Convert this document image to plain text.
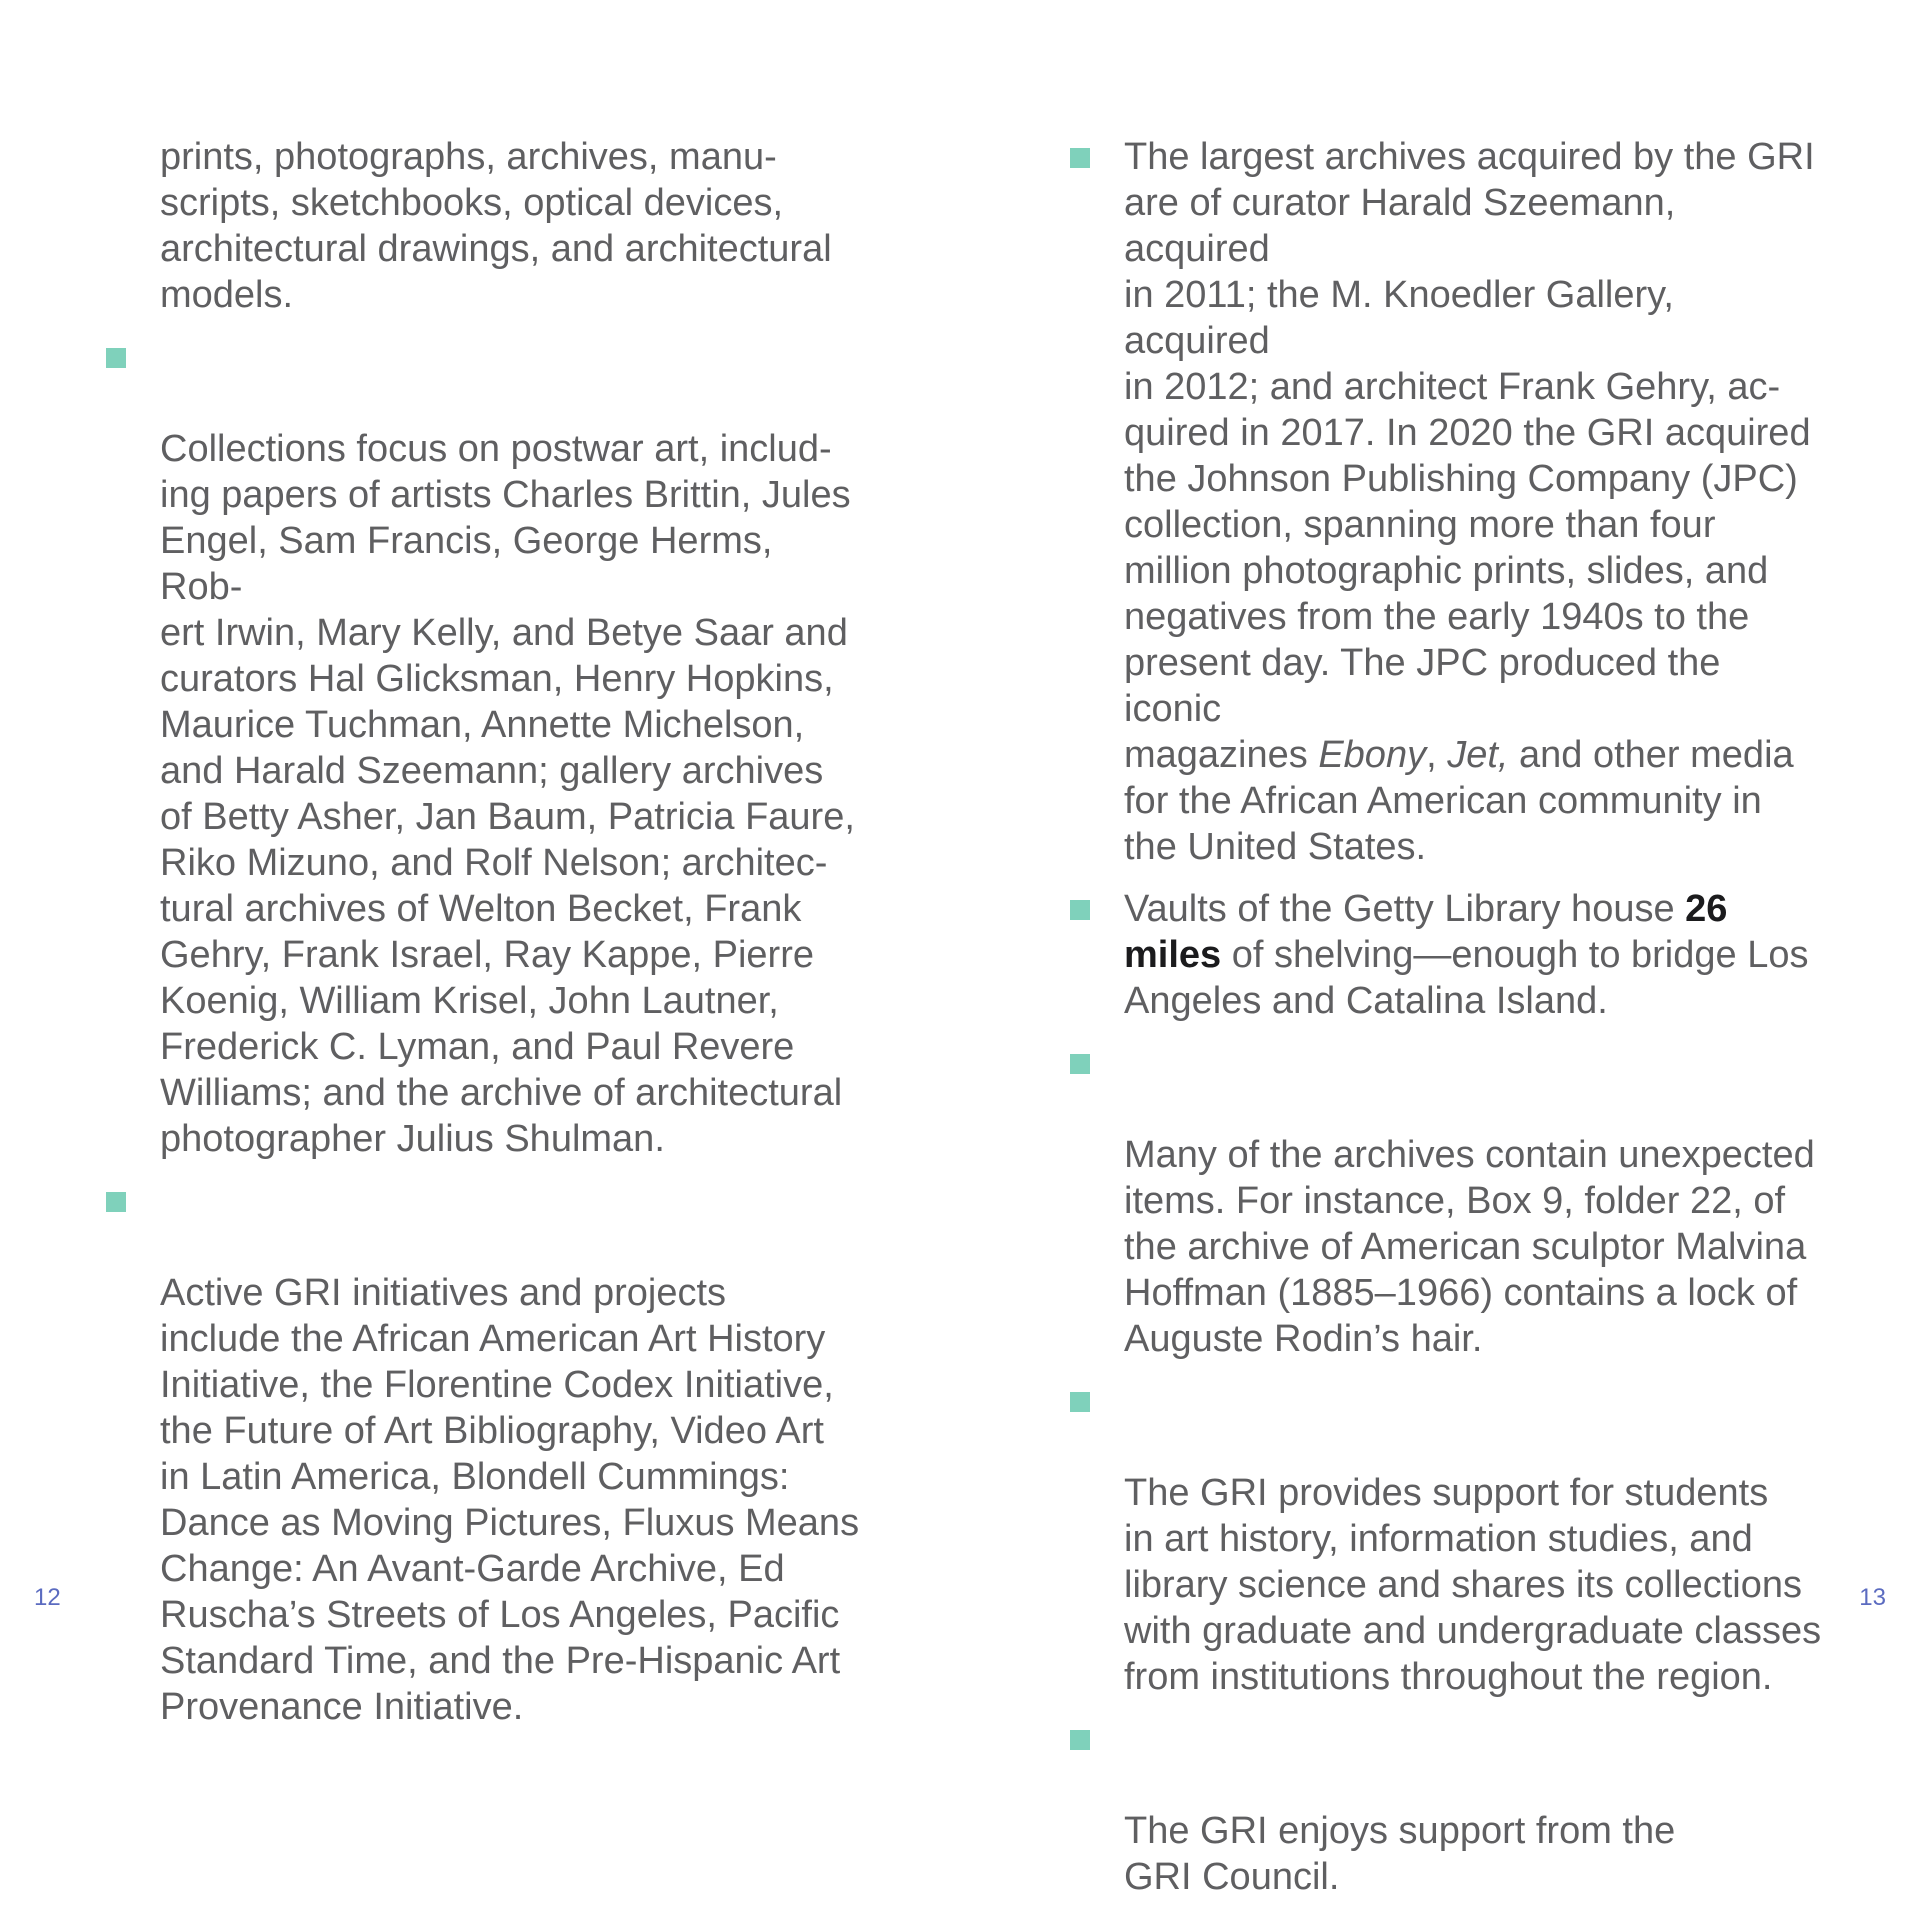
prints, photographs, archives, manu-
scripts, sketchbooks, optical devices,
architectural drawings, and architectural
models.

Collections focus on postwar art, includ-
ing papers of artists Charles Brittin, Jules
Engel, Sam Francis, George Herms, Rob-
ert Irwin, Mary Kelly, and Betye Saar and
curators Hal Glicksman, Henry Hopkins,
Maurice Tuchman, Annette Michelson,
and Harald Szeemann; gallery archives
of Betty Asher, Jan Baum, Patricia Faure,
Riko Mizuno, and Rolf Nelson; architec-
tural archives of Welton Becket, Frank
Gehry, Frank Israel, Ray Kappe, Pierre
Koenig, William Krisel, John Lautner,
Frederick C. Lyman, and Paul Revere
Williams; and the archive of architectural
photographer Julius Shulman.

Active GRI initiatives and projects
include the African American Art History
Initiative, the Florentine Codex Initiative,
the Future of Art Bibliography, Video Art
in Latin America, Blondell Cummings:
Dance as Moving Pictures, Fluxus Means
Change: An Avant-Garde Archive, Ed
Ruscha’s Streets of Los Angeles, Pacific
Standard Time, and the Pre-Hispanic Art
Provenance Initiative.

12
The largest archives acquired by the GRI
are of curator Harald Szeemann, acquired
in 2011; the M. Knoedler Gallery, acquired
in 2012; and architect Frank Gehry, ac-
quired in 2017. In 2020 the GRI acquired
the Johnson Publishing Company (JPC)
collection, spanning more than four
million photographic prints, slides, and
negatives from the early 1940s to the
present day. The JPC produced the iconic
magazines Ebony, Jet, and other media
for the African American community in
the United States.
Vaults of the Getty Library house 26
miles of shelving—enough to bridge Los
Angeles and Catalina Island.

Many of the archives contain unexpected
items. For instance, Box 9, folder 22, of
the archive of American sculptor Malvina
Hoffman (1885–1966) contains a lock of
Auguste Rodin’s hair.

The GRI provides support for students
in art history, information studies, and
library science and shares its collections
with graduate and undergraduate classes
from institutions throughout the region.

The GRI enjoys support from the
GRI Council.

13
